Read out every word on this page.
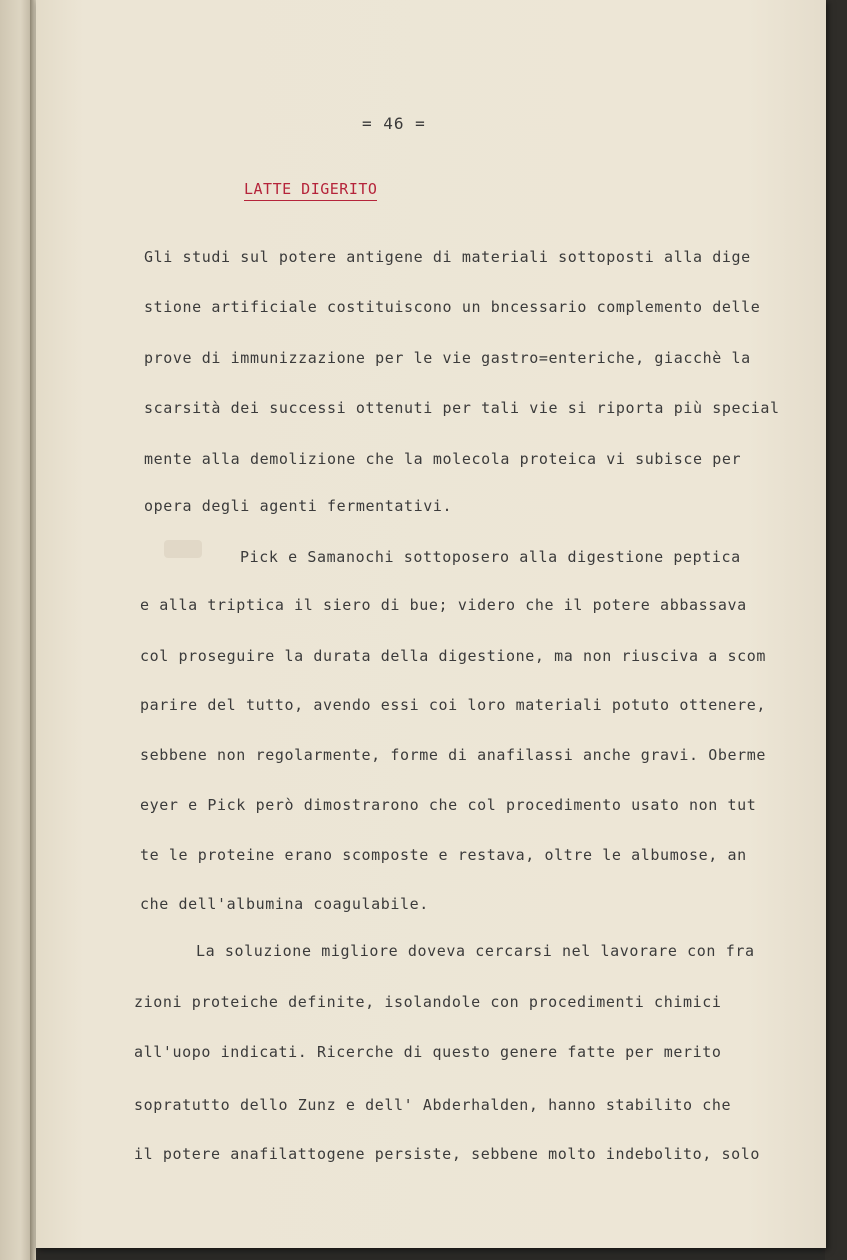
= 46 =
LATTE DIGERITO
Gli studi sul potere antigene di materiali sottoposti alla dige
stione artificiale costituiscono un bncessario complemento delle
prove di immunizzazione per le vie gastro=enteriche, giacchè la
scarsità dei successi ottenuti per tali vie si riporta più special
mente alla demolizione che la molecola proteica vi subisce per
opera degli agenti fermentativi.
Pick e Samanochi sottoposero alla digestione peptica
e alla triptica il siero di bue; videro che il potere abbassava
col proseguire la durata della digestione, ma non riusciva a scom
parire del tutto, avendo essi coi loro materiali potuto ottenere,
sebbene non regolarmente, forme di anafilassi anche gravi. Oberme
eyer e Pick però dimostrarono che col procedimento usato non tut
te le proteine erano scomposte e restava, oltre le albumose, an
che dell'albumina coagulabile.
La soluzione migliore doveva cercarsi nel lavorare con fra
zioni proteiche definite, isolandole con procedimenti chimici
all'uopo indicati. Ricerche di questo genere fatte per merito
sopratutto dello Zunz e dell' Abderhalden, hanno stabilito che
il potere anafilattogene persiste, sebbene molto indebolito, solo
